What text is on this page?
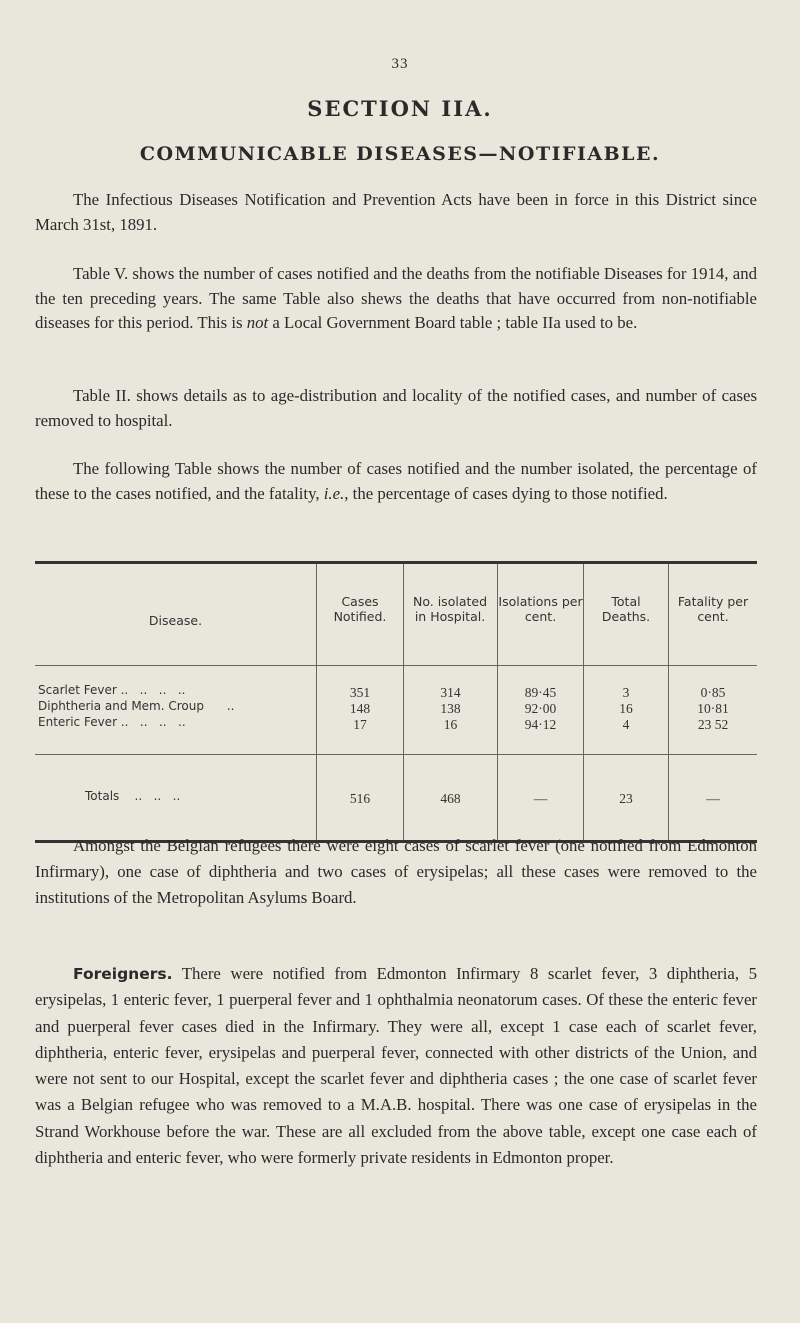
33
SECTION IIA.
COMMUNICABLE DISEASES—NOTIFIABLE.

The Infectious Diseases Notification and Prevention Acts have been in force in this District since March 31st, 1891.

Table V. shows the number of cases notified and the deaths from the notifiable Diseases for 1914, and the ten preceding years. The same Table also shews the deaths that have occurred from non-notifiable diseases for this period. This is not a Local Government Board table ; table IIa used to be.

Table II. shows details as to age-distribution and locality of the notified cases, and number of cases removed to hospital.

The following Table shows the number of cases notified and the number isolated, the percentage of these to the cases notified, and the fatality, i.e., the percentage of cases dying to those notified.

Disease.
Cases Notified.
No. isolated in Hospital.
Isolations per cent.
Total Deaths.
Fatality per cent.
Scarlet Fever ..   ..   ..   ..	351	314	89·45	3	0·85
Diphtheria and Mem. Croup      ..	148	138	92·00	16	10·81
Enteric Fever ..   ..   ..   ..	17	16	94·12	4	23 52
Totals    ..   ..   ..	516	468	—	23	—

Amongst the Belgian refugees there were eight cases of scarlet fever (one notified from Edmonton Infirmary), one case of diphtheria and two cases of erysipelas; all these cases were removed to the institutions of the Metropolitan Asylums Board.

Foreigners. There were notified from Edmonton Infirmary 8 scarlet fever, 3 diphtheria, 5 erysipelas, 1 enteric fever, 1 puerperal fever and 1 ophthalmia neonatorum cases. Of these the enteric fever and puerperal fever cases died in the Infirmary. They were all, except 1 case each of scarlet fever, diphtheria, enteric fever, erysipelas and puerperal fever, connected with other districts of the Union, and were not sent to our Hospital, except the scarlet fever and diphtheria cases ; the one case of scarlet fever was a Belgian refugee who was removed to a M.A.B. hospital. There was one case of erysipelas in the Strand Workhouse before the war. These are all excluded from the above table, except one case each of diphtheria and enteric fever, who were formerly private residents in Edmonton proper.
